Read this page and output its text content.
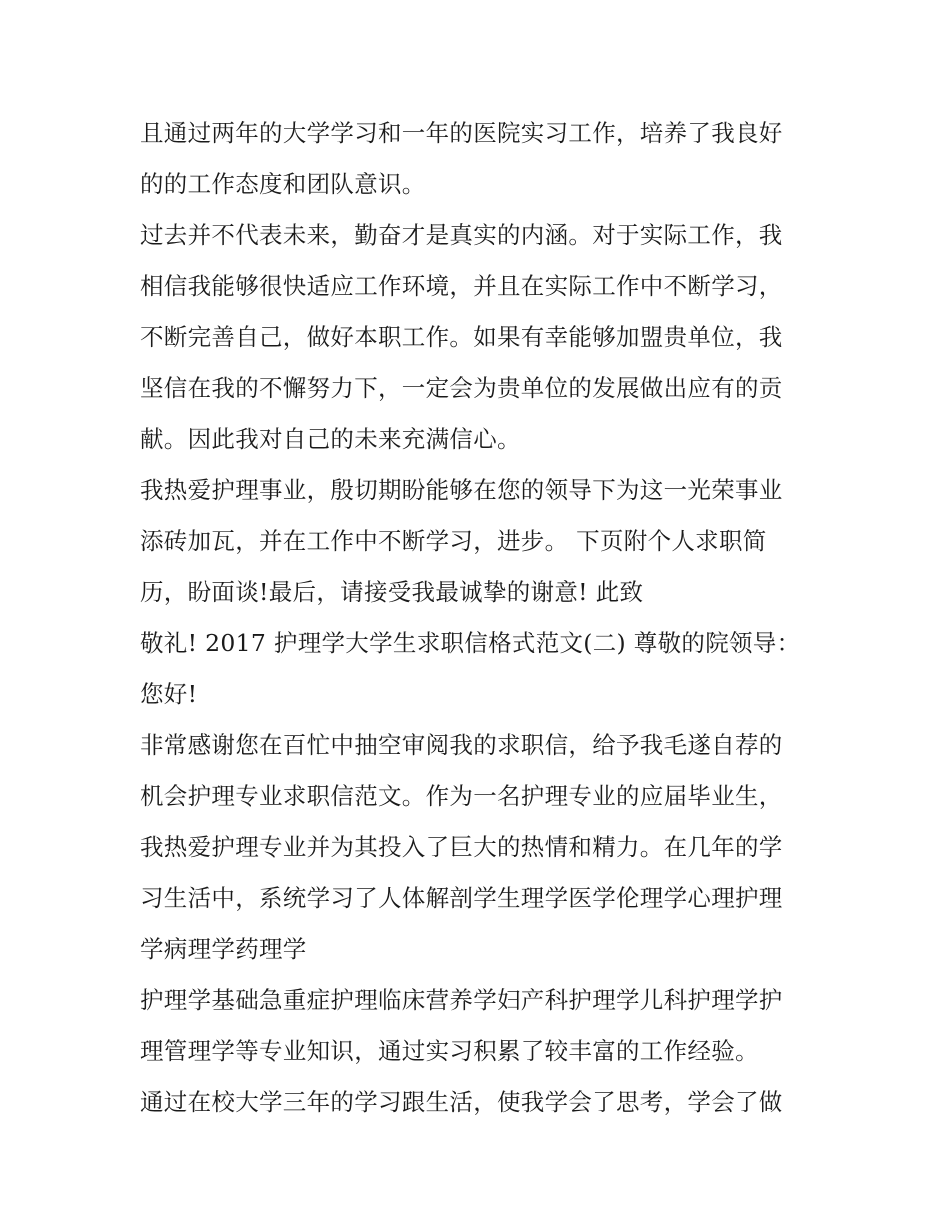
且通过两年的大学学习和一年的医院实习工作，培养了我良好
的的工作态度和团队意识。
过去并不代表未来，勤奋才是真实的内涵。对于实际工作，我
相信我能够很快适应工作环境，并且在实际工作中不断学习，
不断完善自己，做好本职工作。如果有幸能够加盟贵单位，我
坚信在我的不懈努力下，一定会为贵单位的发展做出应有的贡
献。因此我对自己的未来充满信心。
我热爱护理事业，殷切期盼能够在您的领导下为这一光荣事业
添砖加瓦，并在工作中不断学习，进步。 下页附个人求职简
历，盼面谈!最后，请接受我最诚挚的谢意! 此致
敬礼! 2017 护理学大学生求职信格式范文(二) 尊敬的院领导：
您好!
非常感谢您在百忙中抽空审阅我的求职信，给予我毛遂自荐的
机会护理专业求职信范文。作为一名护理专业的应届毕业生，
我热爱护理专业并为其投入了巨大的热情和精力。在几年的学
习生活中，系统学习了人体解剖学生理学医学伦理学心理护理
学病理学药理学
护理学基础急重症护理临床营养学妇产科护理学儿科护理学护
理管理学等专业知识，通过实习积累了较丰富的工作经验。
通过在校大学三年的学习跟生活，使我学会了思考，学会了做
